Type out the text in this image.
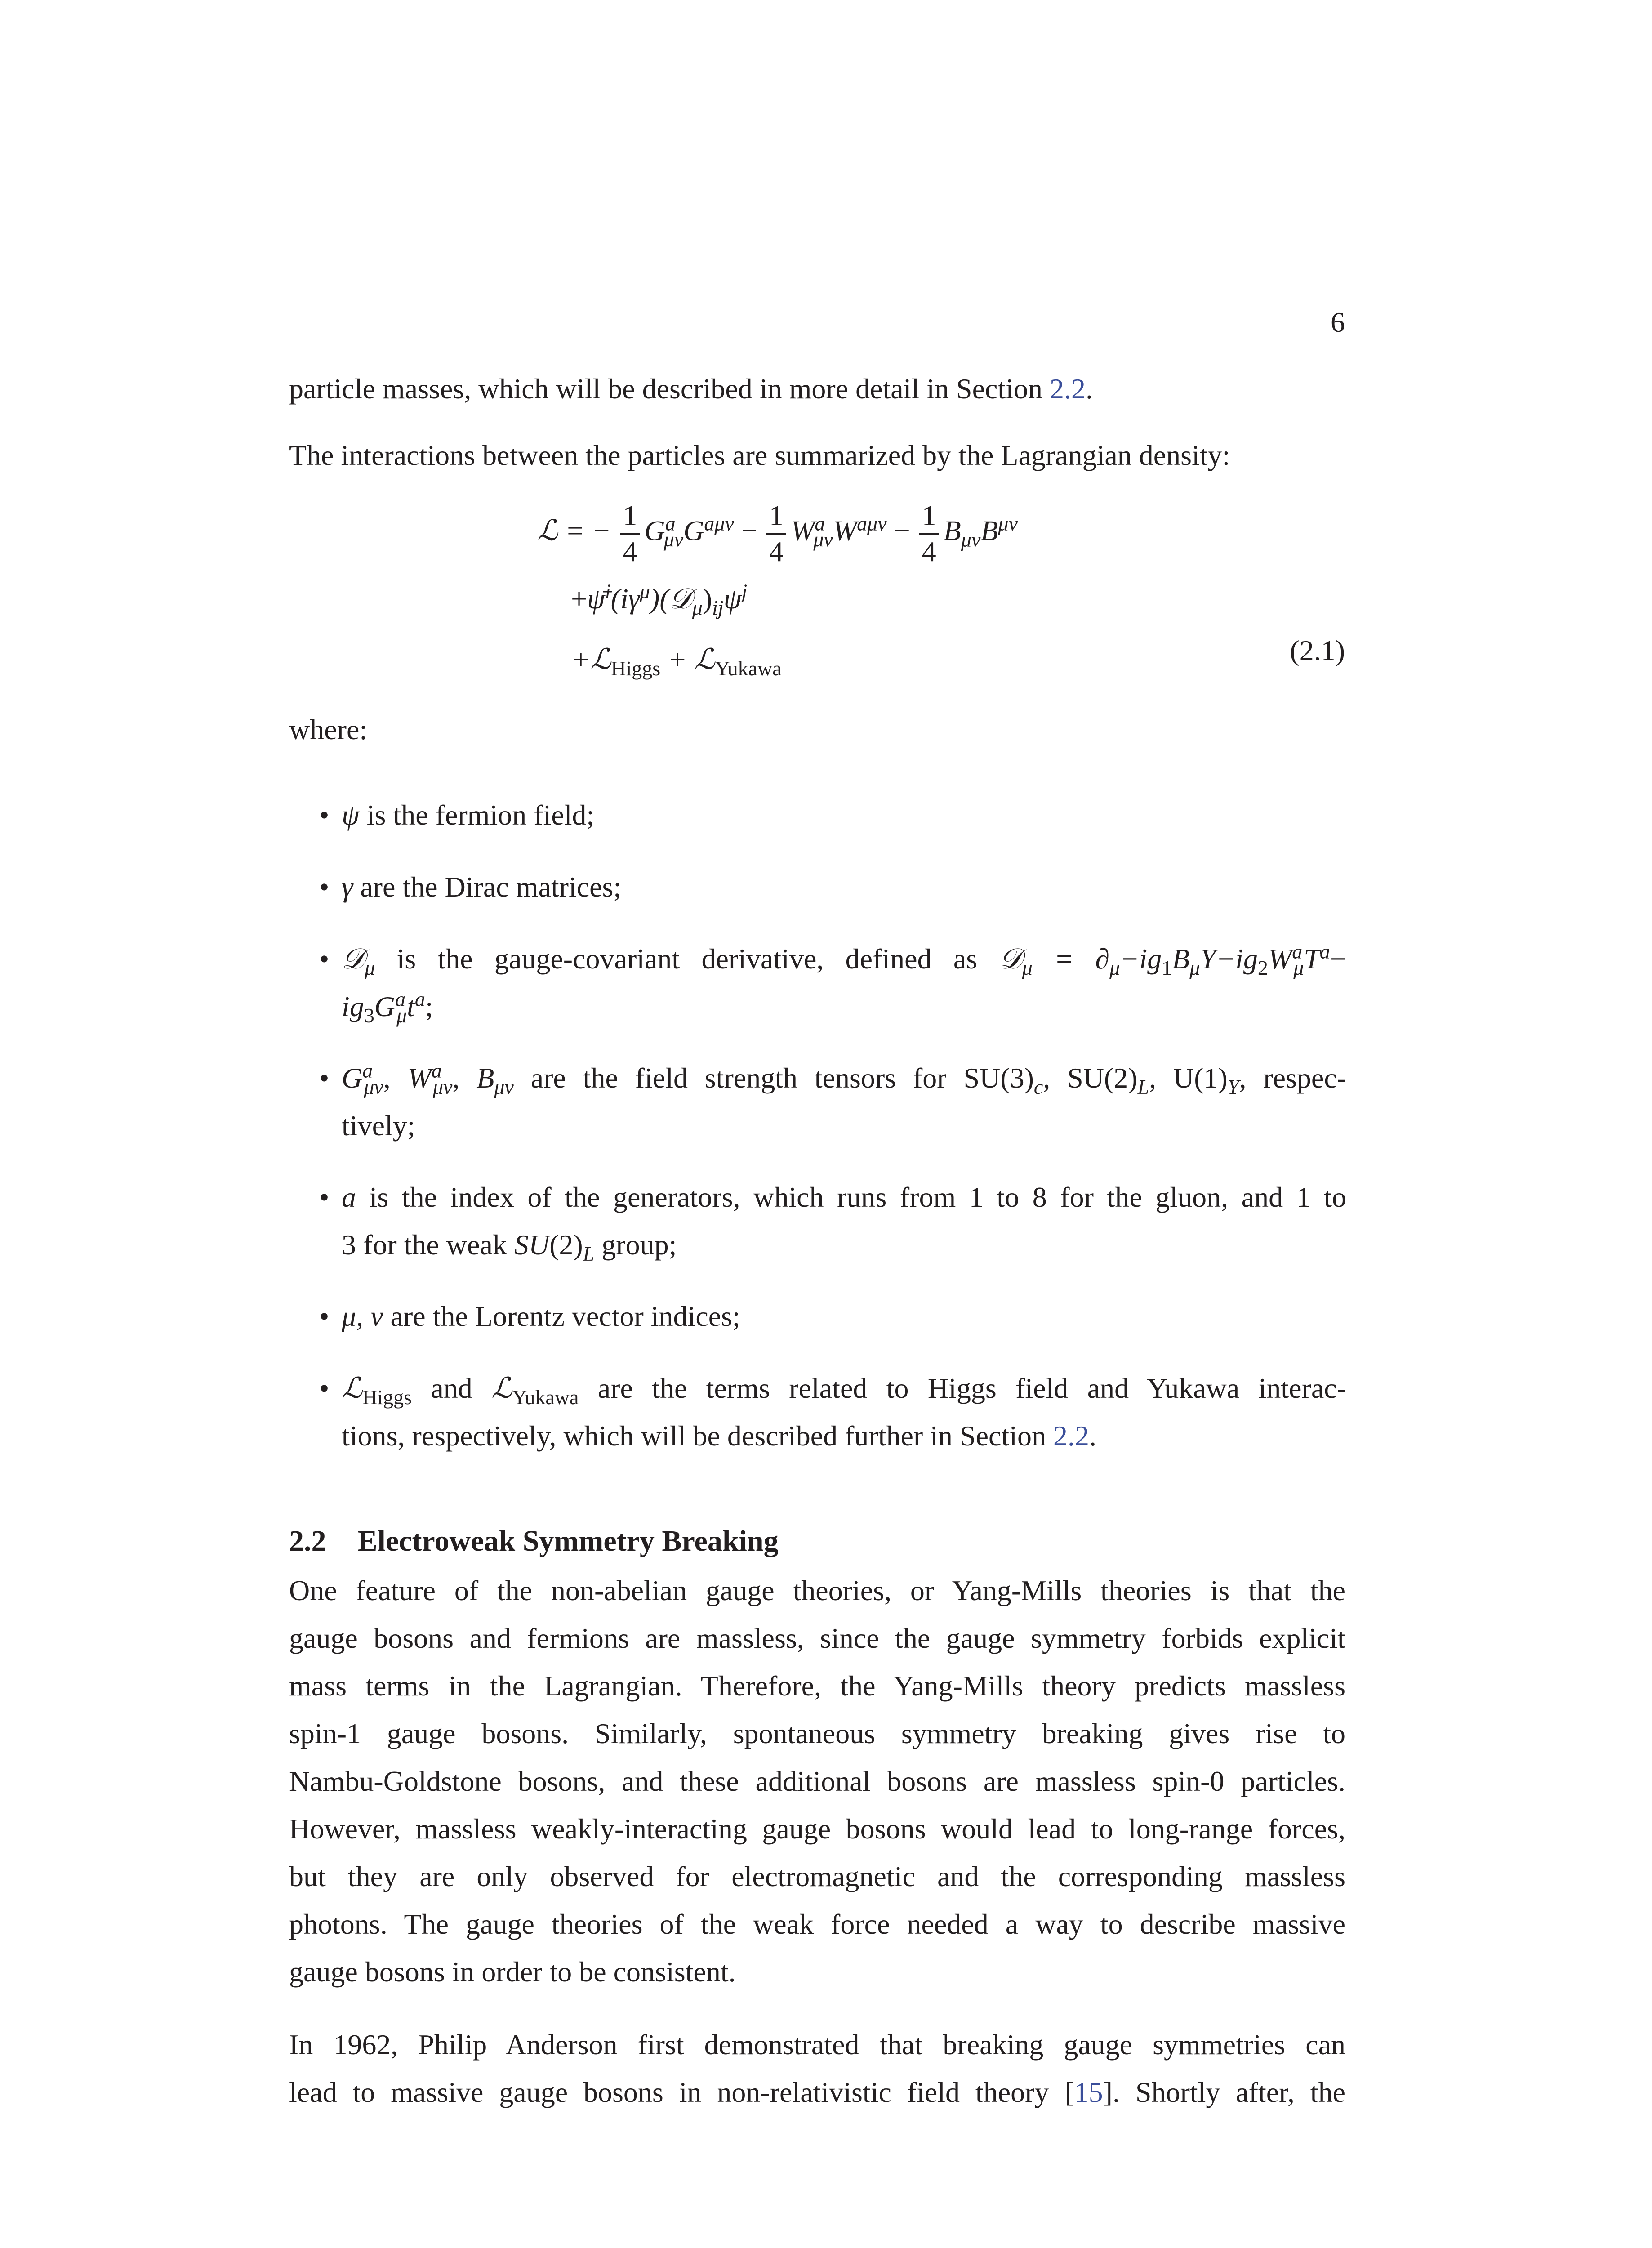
6
particle masses, which will be described in more detail in Section 2.2.
The interactions between the particles are summarized by the Lagrangian density:
ℒ = − $\frac{1}{4} G^a_{\mu\nu}G^{a\mu\nu} - \frac{1}{4} W^a_{\mu\nu}W^{a\mu\nu} - \frac{1}{4} B_{\mu\nu}B^{\mu\nu}$
$+\psī^i(i\gamma^\mu)(𝒟_\mu)_{ij}\psi^j$
+ℒ$_{Higgs}$ + ℒ$_{Yukawa}$
(2.1)
where:
• ψ is the fermion field;
• γ are the Dirac matrices;
• 𝒟$_\mu$ is the gauge-covariant derivative, defined as 𝒟$_\mu$ = $\partial_\mu-ig_1B_\mu Y-ig_2W^a_\mu T^a-$
$ig_3G^a_\mu t^a$;
• $G^a_{\mu\nu}$, $W^a_{\mu\nu}$, $B_{\mu\nu}$ are the field strength tensors for $SU(3)_c$, $SU(2)_L$, $U(1)_Y$, respec-
tively;
• a is the index of the generators, which runs from 1 to 8 for the gluon, and 1 to
3 for the weak $SU(2)_L$ group;
• μ, ν are the Lorentz vector indices;
• ℒ$_{Higgs}$ and ℒ$_{Yukawa}$ are the terms related to Higgs field and Yukawa interac-
tions, respectively, which will be described further in Section 2.2.
2.2 Electroweak Symmetry Breaking
One feature of the non-abelian gauge theories, or Yang-Mills theories is that the
gauge bosons and fermions are massless, since the gauge symmetry forbids explicit
mass terms in the Lagrangian. Therefore, the Yang-Mills theory predicts massless
spin-1 gauge bosons. Similarly, spontaneous symmetry breaking gives rise to
Nambu-Goldstone bosons, and these additional bosons are massless spin-0 particles.
However, massless weakly-interacting gauge bosons would lead to long-range forces,
but they are only observed for electromagnetic and the corresponding massless
photons. The gauge theories of the weak force needed a way to describe massive
gauge bosons in order to be consistent.
In 1962, Philip Anderson first demonstrated that breaking gauge symmetries can
lead to massive gauge bosons in non-relativistic field theory [15]. Shortly after, the
